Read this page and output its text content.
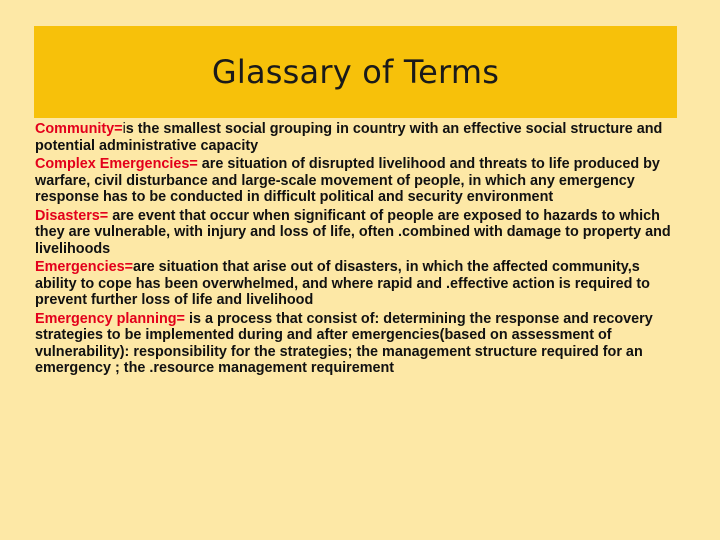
Glassary of Terms

Community=is the smallest social grouping in country with an effective social structure and potential administrative capacity

Complex Emergencies= are situation of disrupted livelihood and threats to life produced by warfare, civil disturbance and large-scale movement of people, in which any emergency response has to be conducted in difficult political and security environment

Disasters= are event that occur when significant of people are exposed to hazards to which they are vulnerable, with injury and loss of life, often .combined with damage to property and livelihoods

Emergencies=are situation that arise out of disasters, in which the affected community,s ability to cope has been overwhelmed, and where rapid and .effective action is required to prevent further loss of life and livelihood

Emergency planning= is a process that consist of: determining the response and recovery strategies to be implemented during and after emergencies(based on assessment of vulnerability): responsibility for the strategies; the management structure required for an emergency ; the .resource management requirement
